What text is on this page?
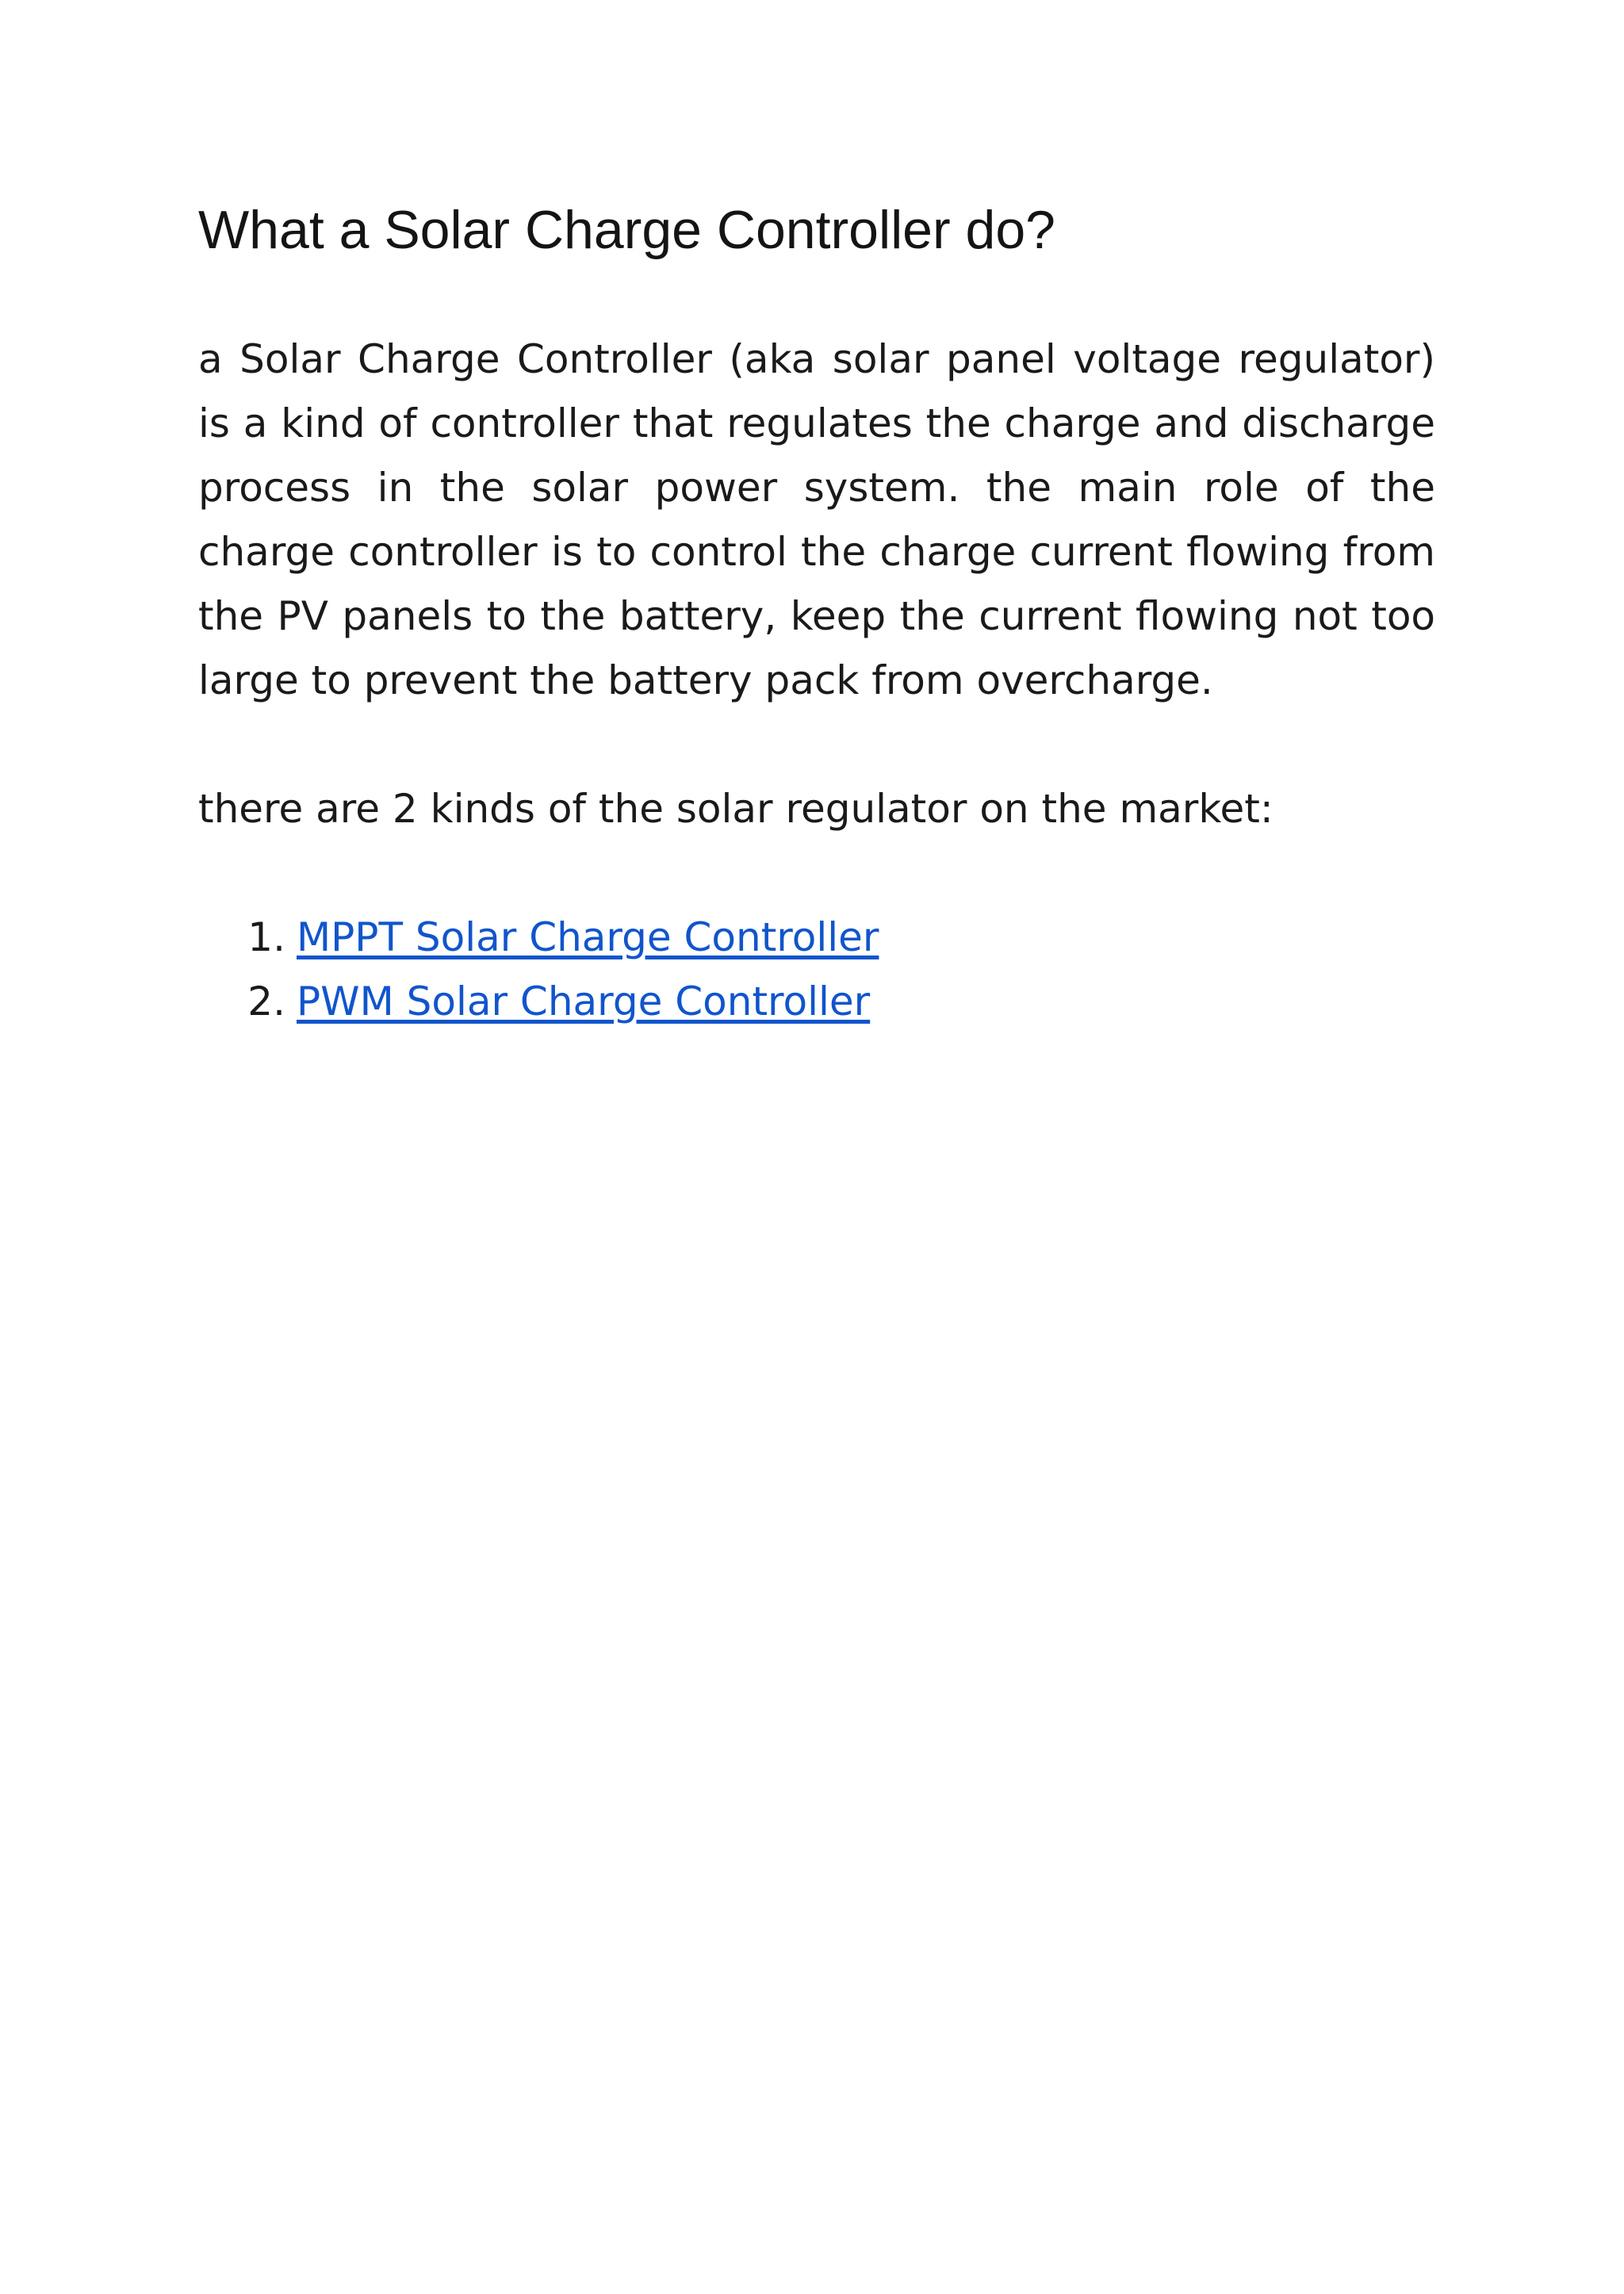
What a Solar Charge Controller do?

a Solar Charge Controller (aka solar panel voltage regulator) is a kind of controller that regulates the charge and discharge process in the solar power system. the main role of the charge controller is to control the charge current flowing from the PV panels to the battery, keep the current flowing not too large to prevent the battery pack from overcharge.

there are 2 kinds of the solar regulator on the market:

1. MPPT Solar Charge Controller
2. PWM Solar Charge Controller
